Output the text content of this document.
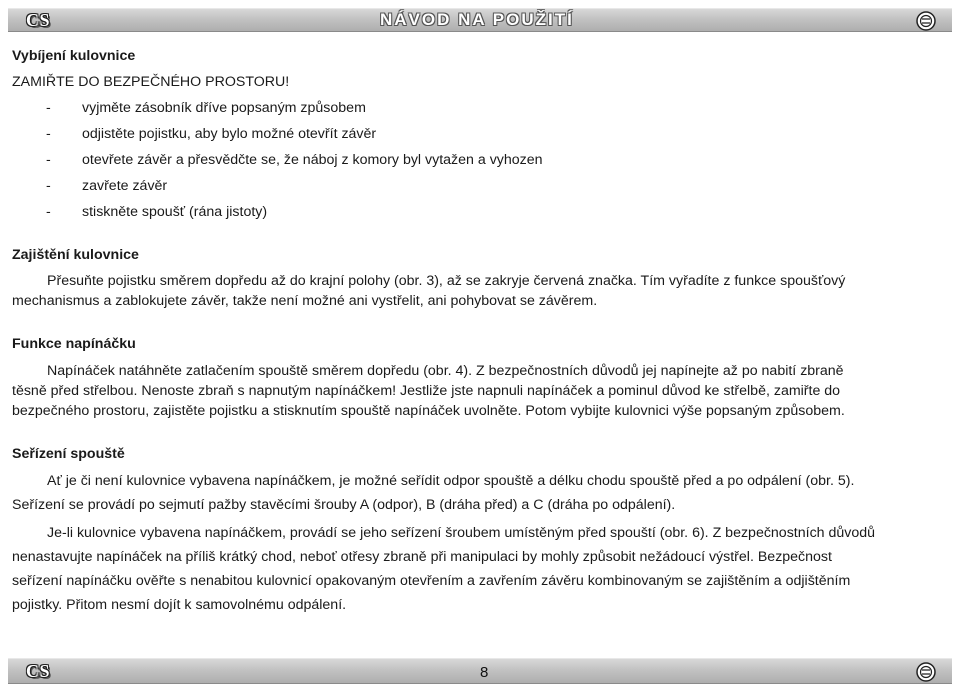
CS	NÁVOD NA POUŽITÍ
Vybíjení kulovnice
ZAMIŘTE DO BEZPEČNÉHO PROSTORU!
- vyjměte zásobník dříve popsaným způsobem
- odjistěte pojistku, aby bylo možné otevřít závěr
- otevřete závěr a přesvědčte se, že náboj z komory byl vytažen a vyhozen
- zavřete závěr
- stiskněte spoušť (rána jistoty)
Zajištění kulovnice
Přesuňte pojistku směrem dopředu až do krajní polohy (obr. 3), až se zakryje červená značka. Tím vyřadíte z funkce spoušťový
mechanismus a zablokujete závěr, takže není možné ani vystřelit, ani pohybovat se závěrem.
Funkce napínáčku
Napínáček natáhněte zatlačením spouště směrem dopředu (obr. 4). Z bezpečnostních důvodů jej napínejte až po nabití zbraně
těsně před střelbou. Nenoste zbraň s napnutým napínáčkem! Jestliže jste napnuli napínáček a pominul důvod ke střelbě, zamiřte do
bezpečného prostoru, zajistěte pojistku a stisknutím spouště napínáček uvolněte. Potom vybijte kulovnici výše popsaným způsobem.
Seřízení spouště
Ať je či není kulovnice vybavena napínáčkem, je možné seřídit odpor spouště a délku chodu spouště před a po odpálení (obr. 5).
Seřízení se provádí po sejmutí pažby stavěcími šrouby A (odpor), B (dráha před) a C (dráha po odpálení).
Je-li kulovnice vybavena napínáčkem, provádí se jeho seřízení šroubem umístěným před spouští (obr. 6). Z bezpečnostních důvodů
nenastavujte napínáček na příliš krátký chod, neboť otřesy zbraně při manipulaci by mohly způsobit nežádoucí výstřel. Bezpečnost
seřízení napínáčku ověřte s nenabitou kulovnicí opakovaným otevřením a zavřením závěru kombinovaným se zajištěním a odjištěním
pojistky. Přitom nesmí dojít k samovolnému odpálení.
CS	8
